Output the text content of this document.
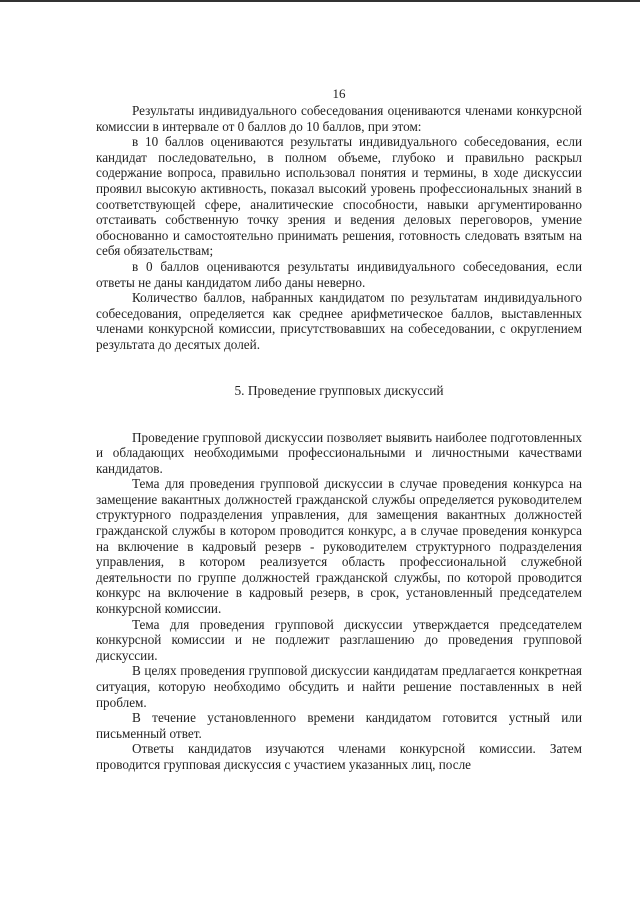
16

Результаты индивидуального собеседования оцениваются членами конкурсной комиссии в интервале от 0 баллов до 10 баллов, при этом:

в 10 баллов оцениваются результаты индивидуального собеседования, если кандидат последовательно, в полном объеме, глубоко и правильно раскрыл содержание вопроса, правильно использовал понятия и термины, в ходе дискуссии проявил высокую активность, показал высокий уровень профессиональных знаний в соответствующей сфере, аналитические способности, навыки аргументированно отстаивать собственную точку зрения и ведения деловых переговоров, умение обоснованно и самостоятельно принимать решения, готовность следовать взятым на себя обязательствам;

в 0 баллов оцениваются результаты индивидуального собеседования, если ответы не даны кандидатом либо даны неверно.

Количество баллов, набранных кандидатом по результатам индивидуального собеседования, определяется как среднее арифметическое баллов, выставленных членами конкурсной комиссии, присутствовавших на собеседовании, с округлением результата до десятых долей.

5. Проведение групповых дискуссий

Проведение групповой дискуссии позволяет выявить наиболее подготовленных и обладающих необходимыми профессиональными и личностными качествами кандидатов.

Тема для проведения групповой дискуссии в случае проведения конкурса на замещение вакантных должностей гражданской службы определяется руководителем структурного подразделения управления, для замещения вакантных должностей гражданской службы в котором проводится конкурс, а в случае проведения конкурса на включение в кадровый резерв - руководителем структурного подразделения управления, в котором реализуется область профессиональной служебной деятельности по группе должностей гражданской службы, по которой проводится конкурс на включение в кадровый резерв, в срок, установленный председателем конкурсной комиссии.

Тема для проведения групповой дискуссии утверждается председателем конкурсной комиссии и не подлежит разглашению до проведения групповой дискуссии.

В целях проведения групповой дискуссии кандидатам предлагается конкретная ситуация, которую необходимо обсудить и найти решение поставленных в ней проблем.

В течение установленного времени кандидатом готовится устный или письменный ответ.

Ответы кандидатов изучаются членами конкурсной комиссии. Затем проводится групповая дискуссия с участием указанных лиц, после
